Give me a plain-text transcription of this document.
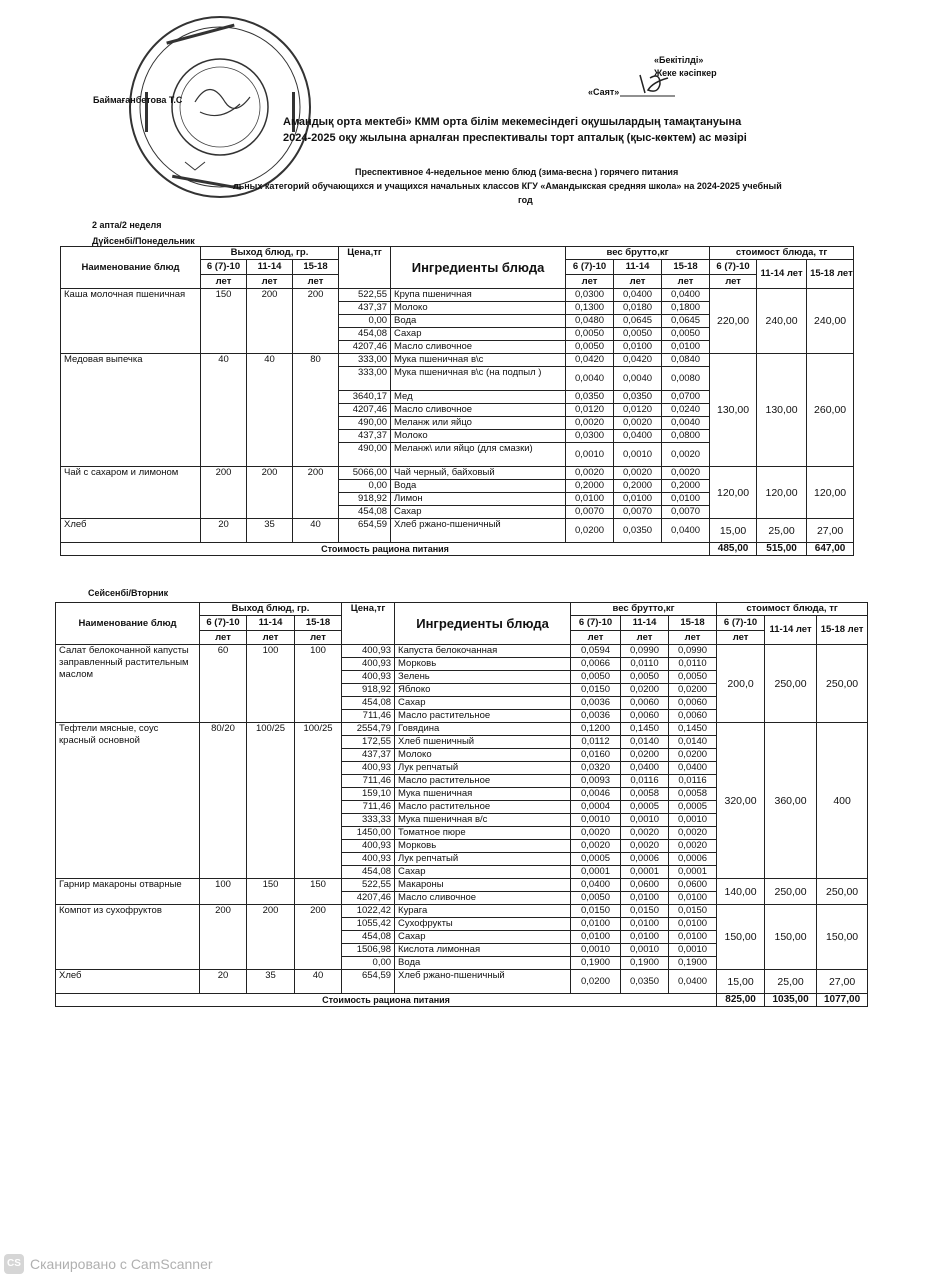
«Бекітілді»
Жеке кәсіпкер
«Саят»
Баймағанбетова Т.С
Амандық орта мектебі» КММ орта білім мекемесіндегі оқушылардың тамақтануына
2024-2025 оқу жылына арналған преспективалы торт апталық (қыс-көктем) ас мәзірі
Преспективное 4-недельное меню блюд (зима-весна ) горячего питания
льных категорий обучающихся и учащихся начальных классов КГУ «Амандыкская средняя школа» на 2024-2025 учебный
год
2 апта/2 неделя
Дүйсенбі/Понедельник
Сейсенбі/Вторник
Наименование блюд	Выход блюд, гр.			Цена,тг	Ингредиенты блюда	вес брутто,кг			стоимост блюда, тг		
	6 (7)-10	11-14	15-18			6 (7)-10	11-14	15-18	6 (7)-10	11-14 лет	15-18 лет
	лет	лет	лет			лет	лет	лет	лет		
Каша молочная пшеничная	150	200	200	522,55	Крупа пшеничная	0,0300	0,0400	0,0400	220,00	240,00	240,00
				437,37	Молоко	0,1300	0,0180	0,1800			
				0,00	Вода	0,0480	0,0645	0,0645			
				454,08	Сахар	0,0050	0,0050	0,0050			
				4207,46	Масло сливочное	0,0050	0,0100	0,0100			
Медовая выпечка	40	40	80	333,00	Мука пшеничная в\с	0,0420	0,0420	0,0840	130,00	130,00	260,00
				333,00	Мука пшеничная в\с (на подпыл )	0,0040	0,0040	0,0080			
				3640,17	Мед	0,0350	0,0350	0,0700			
				4207,46	Масло сливочное	0,0120	0,0120	0,0240			
				490,00	Меланж или яйцо	0,0020	0,0020	0,0040			
				437,37	Молоко	0,0300	0,0400	0,0800			
				490,00	Меланж\ или яйцо (для смазки)	0,0010	0,0010	0,0020			
Чай с сахаром и лимоном	200	200	200	5066,00	Чай черный, байховый	0,0020	0,0020	0,0020	120,00	120,00	120,00
				0,00	Вода	0,2000	0,2000	0,2000			
				918,92	Лимон	0,0100	0,0100	0,0100			
				454,08	Сахар	0,0070	0,0070	0,0070			
Хлеб	20	35	40	654,59	Хлеб ржано-пшеничный	0,0200	0,0350	0,0400	15,00	25,00	27,00
Стоимость рациона питания									485,00	515,00	647,00
Наименование блюд	Выход блюд, гр.			Цена,тг	Ингредиенты блюда	вес брутто,кг			стоимост блюда, тг		
	6 (7)-10	11-14	15-18			6 (7)-10	11-14	15-18	6 (7)-10	11-14 лет	15-18 лет
	лет	лет	лет			лет	лет	лет	лет		
Салат белокочанной капусты заправленный растительным маслом	60	100	100	400,93	Капуста белокочанная	0,0594	0,0990	0,0990	200,0	250,00	250,00
				400,93	Морковь	0,0066	0,0110	0,0110			
				400,93	Зелень	0,0050	0,0050	0,0050			
				918,92	Яблоко	0,0150	0,0200	0,0200			
				454,08	Сахар	0,0036	0,0060	0,0060			
				711,46	Масло растительное	0,0036	0,0060	0,0060			
Тефтели мясные, соус красный основной	80/20	100/25	100/25	2554,79	Говядина	0,1200	0,1450	0,1450	320,00	360,00	400
				172,55	Хлеб пшеничный	0,0112	0,0140	0,0140			
				437,37	Молоко	0,0160	0,0200	0,0200			
				400,93	Лук репчатый	0,0320	0,0400	0,0400			
				711,46	Масло растительное	0,0093	0,0116	0,0116			
				159,10	Мука пшеничная	0,0046	0,0058	0,0058			
				711,46	Масло растительное	0,0004	0,0005	0,0005			
				333,33	Мука пшеничная в/с	0,0010	0,0010	0,0010			
				1450,00	Томатное пюре	0,0020	0,0020	0,0020			
				400,93	Морковь	0,0020	0,0020	0,0020			
				400,93	Лук репчатый	0,0005	0,0006	0,0006			
				454,08	Сахар	0,0001	0,0001	0,0001			
Гарнир макароны отварные	100	150	150	522,55	Макароны	0,0400	0,0600	0,0600	140,00	250,00	250,00
				4207,46	Масло сливочное	0,0050	0,0100	0,0100			
Компот из сухофруктов	200	200	200	1022,42	Курага	0,0150	0,0150	0,0150	150,00	150,00	150,00
				1055,42	Сухофрукты	0,0100	0,0100	0,0100			
				454,08	Сахар	0,0100	0,0100	0,0100			
				1506,98	Кислота лимонная	0,0010	0,0010	0,0010			
				0,00	Вода	0,1900	0,1900	0,1900			
Хлеб	20	35	40	654,59	Хлеб ржано-пшеничный	0,0200	0,0350	0,0400	15,00	25,00	27,00
Стоимость рациона питания									825,00	1035,00	1077,00
CS Сканировано с CamScanner
